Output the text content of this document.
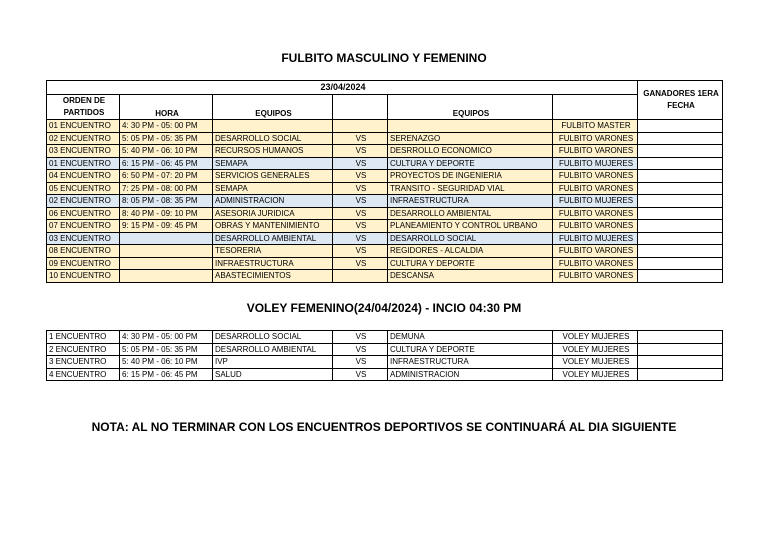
FULBITO MASCULINO Y FEMENINO
23/04/2024						GANADORES 1ERA FECHA
ORDEN DE PARTIDOS	HORA	EQUIPOS		EQUIPOS		

01 ENCUENTRO	4: 30 PM - 05: 00 PM				FULBITO MASTER	
02 ENCUENTRO	5: 05 PM - 05: 35 PM	DESARROLLO SOCIAL	VS	SERENAZGO	FULBITO VARONES	
03 ENCUENTRO	5: 40 PM - 06: 10 PM	RECURSOS HUMANOS	VS	DESRROLLO ECONOMICO	FULBITO VARONES	
01 ENCUENTRO	6: 15 PM - 06: 45 PM	SEMAPA	VS	CULTURA Y DEPORTE	FULBITO MUJERES	
04 ENCUENTRO	6: 50 PM - 07: 20 PM	SERVICIOS GENERALES	VS	PROYECTOS DE INGENIERIA	FULBITO VARONES	
05 ENCUENTRO	7: 25 PM - 08: 00 PM	SEMAPA	VS	TRANSITO - SEGURIDAD VIAL	FULBITO VARONES	
02 ENCUENTRO	8: 05 PM - 08: 35 PM	ADMINISTRACION	VS	INFRAESTRUCTURA	FULBITO MUJERES	
06 ENCUENTRO	8: 40 PM - 09: 10 PM	ASESORIA JURIDICA	VS	DESARROLLO AMBIENTAL	FULBITO VARONES	
07 ENCUENTRO	9: 15 PM - 09: 45 PM	OBRAS Y MANTENIMIENTO	VS	PLANEAMIENTO Y CONTROL URBANO	FULBITO VARONES	
03 ENCUENTRO		DESARROLLO AMBIENTAL	VS	DESARROLLO SOCIAL	FULBITO MUJERES	
08 ENCUENTRO		TESORERIA	VS	REGIDORES - ALCALDIA	FULBITO VARONES	
09 ENCUENTRO		INFRAESTRUCTURA	VS	CULTURA Y DEPORTE	FULBITO VARONES	
10 ENCUENTRO		ABASTECIMIENTOS		DESCANSA	FULBITO VARONES	
VOLEY FEMENINO(24/04/2024) - INCIO 04:30 PM
1 ENCUENTRO	4: 30 PM - 05: 00 PM	DESARROLLO SOCIAL	VS	DEMUNA	VOLEY MUJERES	
2 ENCUENTRO	5: 05 PM - 05: 35 PM	DESARROLLO AMBIENTAL	VS	CULTURA Y DEPORTE	VOLEY MUJERES	
3 ENCUENTRO	5: 40 PM - 06: 10 PM	IVP	VS	INFRAESTRUCTURA	VOLEY MUJERES	
4 ENCUENTRO	6: 15 PM - 06: 45 PM	SALUD	VS	ADMINISTRACION	VOLEY MUJERES	
NOTA: AL NO TERMINAR CON LOS ENCUENTROS DEPORTIVOS SE CONTINUARÁ AL DIA SIGUIENTE
